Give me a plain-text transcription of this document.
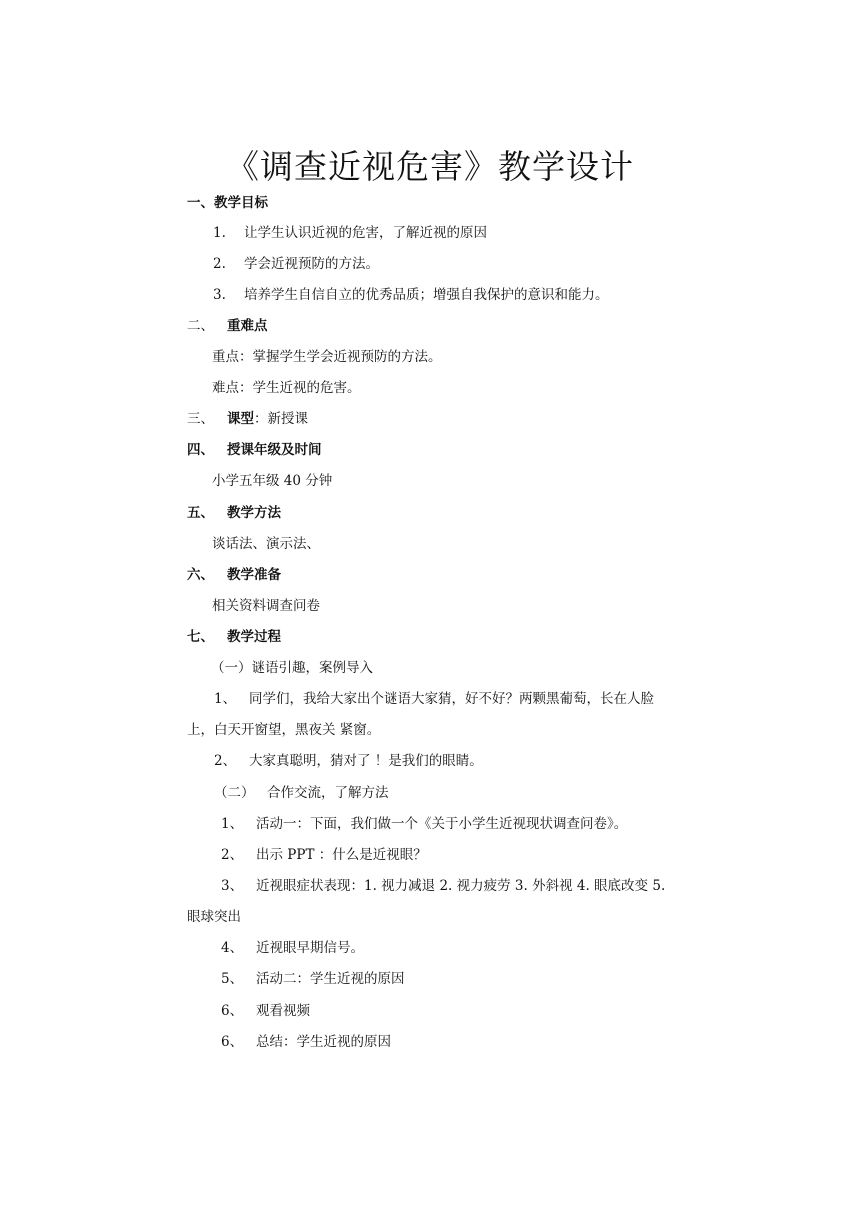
《调查近视危害》教学设计
一、教学目标
1. 让学生认识近视的危害，了解近视的原因
2. 学会近视预防的方法。
3. 培养学生自信自立的优秀品质；增强自我保护的意识和能力。
二、 重难点
重点：掌握学生学会近视预防的方法。
难点：学生近视的危害。
三、 课型：新授课
四、 授课年级及时间
小学五年级 40 分钟
五、 教学方法
谈话法、演示法、
六、 教学准备
相关资料调查问卷
七、 教学过程
（一）谜语引趣，案例导入
1、 同学们，我给大家出个谜语大家猜，好不好？两颗黑葡萄，长在人脸
上，白天开窗望，黑夜关 紧窗。
2、 大家真聪明，猜对了 ！是我们的眼睛。
（二） 合作交流，了解方法
1、 活动一：下面，我们做一个《关于小学生近视现状调查问卷》。
2、 出示 PPT ：什么是近视眼？
3、 近视眼症状表现：1. 视力减退 2. 视力疲劳 3. 外斜视 4. 眼底改变 5.
眼球突出
4、 近视眼早期信号。
5、 活动二：学生近视的原因
6、 观看视频
6、 总结：学生近视的原因
